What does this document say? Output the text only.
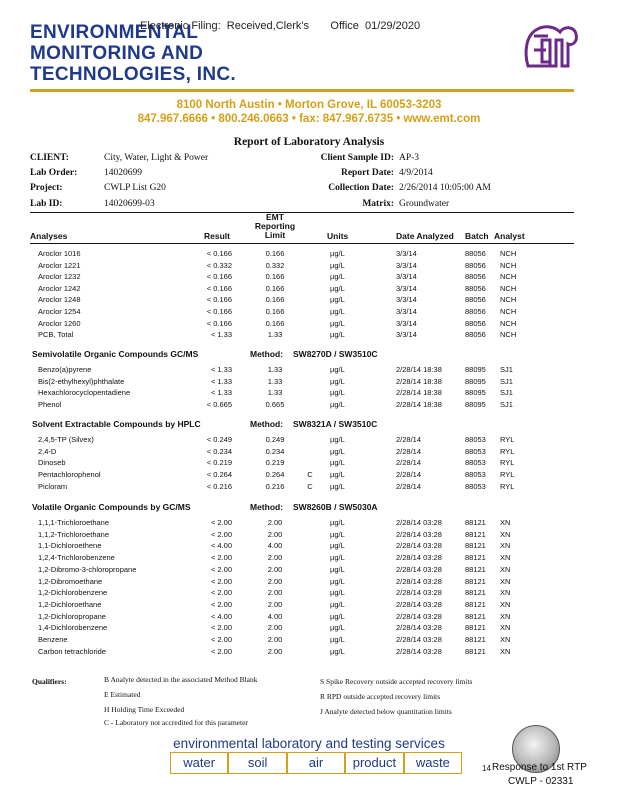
ENVIRONMENTAL
MONITORING AND
TECHNOLOGIES, INC.
Electronic Filing:  Received,Clerk's       Office  01/29/2020
8100 North Austin • Morton Grove, IL 60053-3203
847.967.6666 • 800.246.0663 • fax: 847.967.6735 • www.emt.com
Report of Laboratory Analysis
CLIENT:	City, Water, Light & Power
Lab Order:	14020699
Project:	CWLP List G20
Lab ID:	14020699-03
Client Sample ID: AP-3
Report Date: 4/9/2014
Collection Date: 2/26/2014 10:05:00 AM
Matrix: Groundwater
Analyses	Result
EMT
Reporting
Limit	Units	Date Analyzed Batch Analyst
Aroclor 1016	< 0.166	0.166	µg/L	3/3/14	88056 NCH
Aroclor 1221	< 0.332	0.332	µg/L	3/3/14	88056 NCH
Aroclor 1232	< 0.166	0.166	µg/L	3/3/14	88056 NCH
Aroclor 1242	< 0.166	0.166	µg/L	3/3/14	88056 NCH
Aroclor 1248	< 0.166	0.166	µg/L	3/3/14	88056 NCH
Aroclor 1254	< 0.166	0.166	µg/L	3/3/14	88056 NCH
Aroclor 1260	< 0.166	0.166	µg/L	3/3/14	88056 NCH
PCB, Total	< 1.33	1.33	µg/L	3/3/14	88056 NCH
Semivolatile Organic Compounds GC/MS	Method: SW8270D / SW3510C
Benzo(a)pyrene	< 1.33	1.33	µg/L	2/28/14 18:38	88095 SJ1
Bis(2-ethylhexyl)phthalate	< 1.33	1.33	µg/L	2/28/14 18:38	88095 SJ1
Hexachlorocyclopentadiene	< 1.33	1.33	µg/L	2/28/14 18:38	88095 SJ1
Phenol	< 0.665	0.665	µg/L	2/28/14 18:38	88095 SJ1
Solvent Extractable Compounds by HPLC	Method: SW8321A / SW3510C
2,4,5-TP (Silvex)	< 0.249	0.249	µg/L	2/28/14	88053 RYL
2,4-D	< 0.234	0.234	µg/L	2/28/14	88053 RYL
Dinoseb	< 0.219	0.219	µg/L	2/28/14	88053 RYL
Pentachlorophenol	< 0.264	0.264	C	µg/L	2/28/14	88053 RYL
Picloram	< 0.216	0.216	C	µg/L	2/28/14	88053 RYL
Volatile Organic Compounds by GC/MS	Method: SW8260B / SW5030A
1,1,1-Trichloroethane	< 2.00	2.00	µg/L	2/28/14 03:28	88121 XN
1,1,2-Trichloroethane	< 2.00	2.00	µg/L	2/28/14 03:28	88121 XN
1,1-Dichloroethene	< 4.00	4.00	µg/L	2/28/14 03:28	88121 XN
1,2,4-Trichlorobenzene	< 2.00	2.00	µg/L	2/28/14 03:28	88121 XN
1,2-Dibromo-3-chloropropane	< 2.00	2.00	µg/L	2/28/14 03:28	88121 XN
1,2-Dibromoethane	< 2.00	2.00	µg/L	2/28/14 03:28	88121 XN
1,2-Dichlorobenzene	< 2.00	2.00	µg/L	2/28/14 03:28	88121 XN
1,2-Dichloroethane	< 2.00	2.00	µg/L	2/28/14 03:28	88121 XN
1,2-Dichloropropane	< 4.00	4.00	µg/L	2/28/14 03:28	88121 XN
1,4-Dichlorobenzene	< 2.00	2.00	µg/L	2/28/14 03:28	88121 XN
Benzene	< 2.00	2.00	µg/L	2/28/14 03:28	88121 XN
Carbon tetrachloride	< 2.00	2.00	µg/L	2/28/14 03:28	88121 XN
Qualifiers:	B Analyte detected in the associated Method Blank
E Estimated
H Holding Time Exceeded
C - Laboratory not accredited for this parameter
S Spike Recovery outside accepted recovery limits
R RPD outside accepted recovery limits
J Analyte detected below quantitation limits
environmental laboratory and testing services
water	soil	air	product	waste	14 Response to 1st RTP
CWLP - 02331
